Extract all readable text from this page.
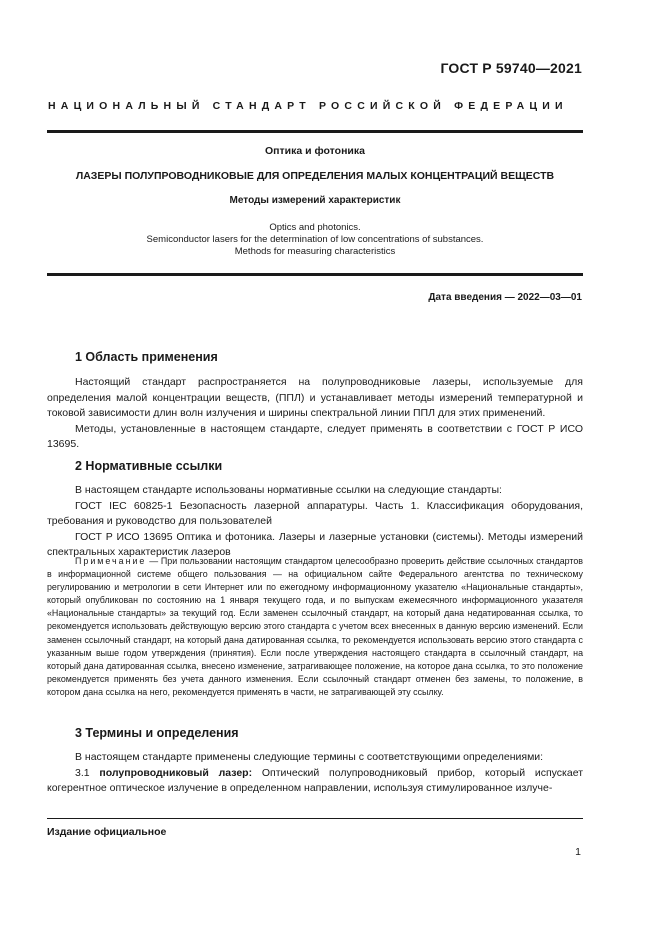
ГОСТ Р 59740—2021
НАЦИОНАЛЬНЫЙ СТАНДАРТ РОССИЙСКОЙ ФЕДЕРАЦИИ
Оптика и фотоника
ЛАЗЕРЫ ПОЛУПРОВОДНИКОВЫЕ ДЛЯ ОПРЕДЕЛЕНИЯ МАЛЫХ КОНЦЕНТРАЦИЙ ВЕЩЕСТВ
Методы измерений характеристик
Optics and photonics.
Semiconductor lasers for the determination of low concentrations of substances.
Methods for measuring characteristics
Дата введения — 2022—03—01
1 Область применения

Настоящий стандарт распространяется на полупроводниковые лазеры, используемые для определения малой концентрации веществ, (ППЛ) и устанавливает методы измерений температурной и токовой зависимости длин волн излучения и ширины спектральной линии ППЛ для этих применений.

Методы, установленные в настоящем стандарте, следует применять в соответствии с ГОСТ Р ИСО 13695.

2 Нормативные ссылки

В настоящем стандарте использованы нормативные ссылки на следующие стандарты:

ГОСТ IEC 60825-1 Безопасность лазерной аппаратуры. Часть 1. Классификация оборудования, требования и руководство для пользователей

ГОСТ Р ИСО 13695 Оптика и фотоника. Лазеры и лазерные установки (системы). Методы измерений спектральных характеристик лазеров

Примечание — При пользовании настоящим стандартом целесообразно проверить действие ссылочных стандартов в информационной системе общего пользования — на официальном сайте Федерального агентства по техническому регулированию и метрологии в сети Интернет или по ежегодному информационному указателю «Национальные стандарты», который опубликован по состоянию на 1 января текущего года, и по выпускам ежемесячного информационного указателя «Национальные стандарты» за текущий год. Если заменен ссылочный стандарт, на который дана недатированная ссылка, то рекомендуется использовать действующую версию этого стандарта с учетом всех внесенных в данную версию изменений. Если заменен ссылочный стандарт, на который дана датированная ссылка, то рекомендуется использовать версию этого стандарта с указанным выше годом утверждения (принятия). Если после утверждения настоящего стандарта в ссылочный стандарт, на который дана датированная ссылка, внесено изменение, затрагивающее положение, на которое дана ссылка, то это положение рекомендуется применять без учета данного изменения. Если ссылочный стандарт отменен без замены, то положение, в котором дана ссылка на него, рекомендуется применять в части, не затрагивающей эту ссылку.

3 Термины и определения

В настоящем стандарте применены следующие термины с соответствующими определениями:

3.1 полупроводниковый лазер: Оптический полупроводниковый прибор, который испускает когерентное оптическое излучение в определенном направлении, используя стимулированное излуче-

Издание официальное
1
